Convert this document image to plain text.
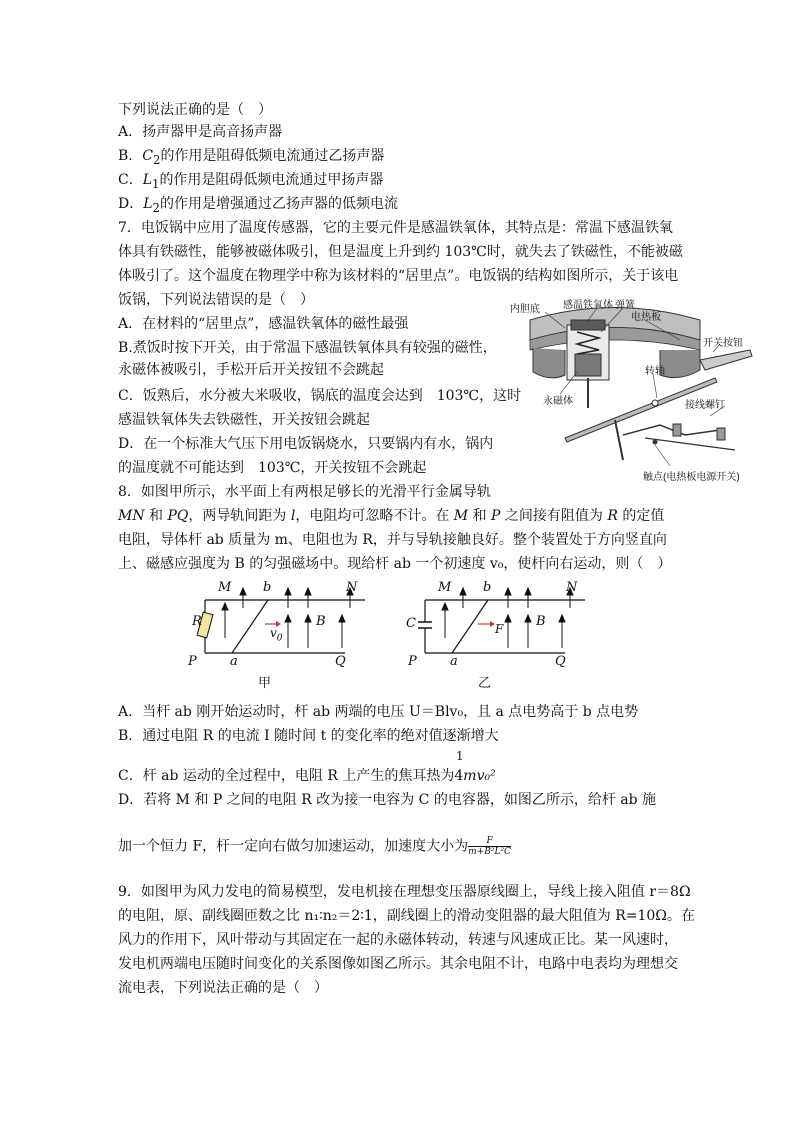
下列说法正确的是（　）
A．扬声器甲是高音扬声器
B．$C_2$的作用是阻碍低频电流通过乙扬声器
C．$L_1$的作用是阻碍低频电流通过甲扬声器
D．$L_2$的作用是增强通过乙扬声器的低频电流
7．电饭锅中应用了温度传感器，它的主要元件是感温铁氧体，其特点是：常温下感温铁氧
体具有铁磁性，能够被磁体吸引，但是温度上升到约 103℃时，就失去了铁磁性，不能被磁
体吸引了。这个温度在物理学中称为该材料的“居里点”。电饭锅的结构如图所示，关于该电
饭锅，下列说法错误的是（　）
A．在材料的“居里点”，感温铁氧体的磁性最强
B.煮饭时按下开关，由于常温下感温铁氧体具有较强的磁性，
永磁体被吸引，手松开后开关按钮不会跳起
C．饭熟后，水分被大米吸收，锅底的温度会达到　103℃，这时
感温铁氧体失去铁磁性，开关按钮会跳起
D．在一个标准大气压下用电饭锅烧水，只要锅内有水，锅内
的温度就不可能达到　103℃，开关按钮不会跳起
内胆底 感温铁氧体 弹簧
电热板
开关按钮
转轴
永磁体	接线螺钉
触点(电热板电源开关)
8．如图甲所示，水平面上有两根足够长的光滑平行金属导轨
MN 和 PQ，两导轨间距为 l，电阻均可忽略不计。在 M 和 P 之间接有阻值为 R 的定值
电阻，导体杆 ab 质量为 m、电阻也为 R，并与导轨接触良好。整个装置处于方向竖直向
上、磁感应强度为 B 的匀强磁场中。现给杆 ab 一个初速度 v₀，使杆向右运动，则（　）
M b	N
R
$v_0$
B
P	a	Q
甲
M b	N
C	F	B
P	a	Q
乙
A．当杆 ab 刚开始运动时，杆 ab 两端的电压 U＝Blv₀，且 a 点电势高于 b 点电势
B．通过电阻 R 的电流 I 随时间 t 的变化率的绝对值逐渐增大
1
C．杆 ab 运动的全过程中，电阻 R 上产生的焦耳热为4mv₀²
D．若将 M 和 P 之间的电阻 R 改为接一电容为 C 的电容器，如图乙所示，给杆 ab 施
加一个恒力 F，杆一定向右做匀加速运动，加速度大小为 $\frac{F}{\text{m+B²L²C}}$
9．如图甲为风力发电的简易模型，发电机接在理想变压器原线圈上，导线上接入阻值 r＝8Ω
的电阻，原、副线圈匝数之比 n₁∶n₂＝2∶1，副线圈上的滑动变阻器的最大阻值为 R=10Ω。在
风力的作用下，风叶带动与其固定在一起的永磁体转动，转速与风速成正比。某一风速时，
发电机两端电压随时间变化的关系图像如图乙所示。其余电阻不计，电路中电表均为理想交
流电表，下列说法正确的是（　）
